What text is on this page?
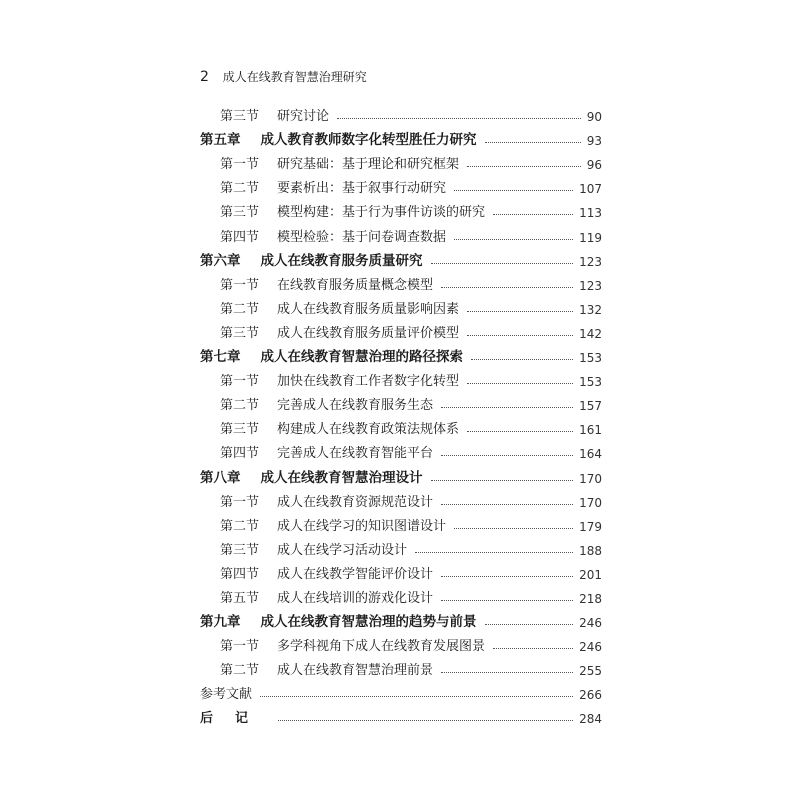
2 成人在线教育智慧治理研究
第三节 研究讨论	90
第五章 成人教育教师数字化转型胜任力研究	93
第一节 研究基础：基于理论和研究框架	96
第二节 要素析出：基于叙事行动研究	107
第三节 模型构建：基于行为事件访谈的研究	113
第四节 模型检验：基于问卷调查数据	119
第六章 成人在线教育服务质量研究	123
第一节 在线教育服务质量概念模型	123
第二节 成人在线教育服务质量影响因素	132
第三节 成人在线教育服务质量评价模型	142
第七章 成人在线教育智慧治理的路径探索	153
第一节 加快在线教育工作者数字化转型	153
第二节 完善成人在线教育服务生态	157
第三节 构建成人在线教育政策法规体系	161
第四节 完善成人在线教育智能平台	164
第八章 成人在线教育智慧治理设计	170
第一节 成人在线教育资源规范设计	170
第二节 成人在线学习的知识图谱设计	179
第三节 成人在线学习活动设计	188
第四节 成人在线教学智能评价设计	201
第五节 成人在线培训的游戏化设计	218
第九章 成人在线教育智慧治理的趋势与前景	246
第一节 多学科视角下成人在线教育发展图景	246
第二节 成人在线教育智慧治理前景	255
参考文献	266
后记	284
